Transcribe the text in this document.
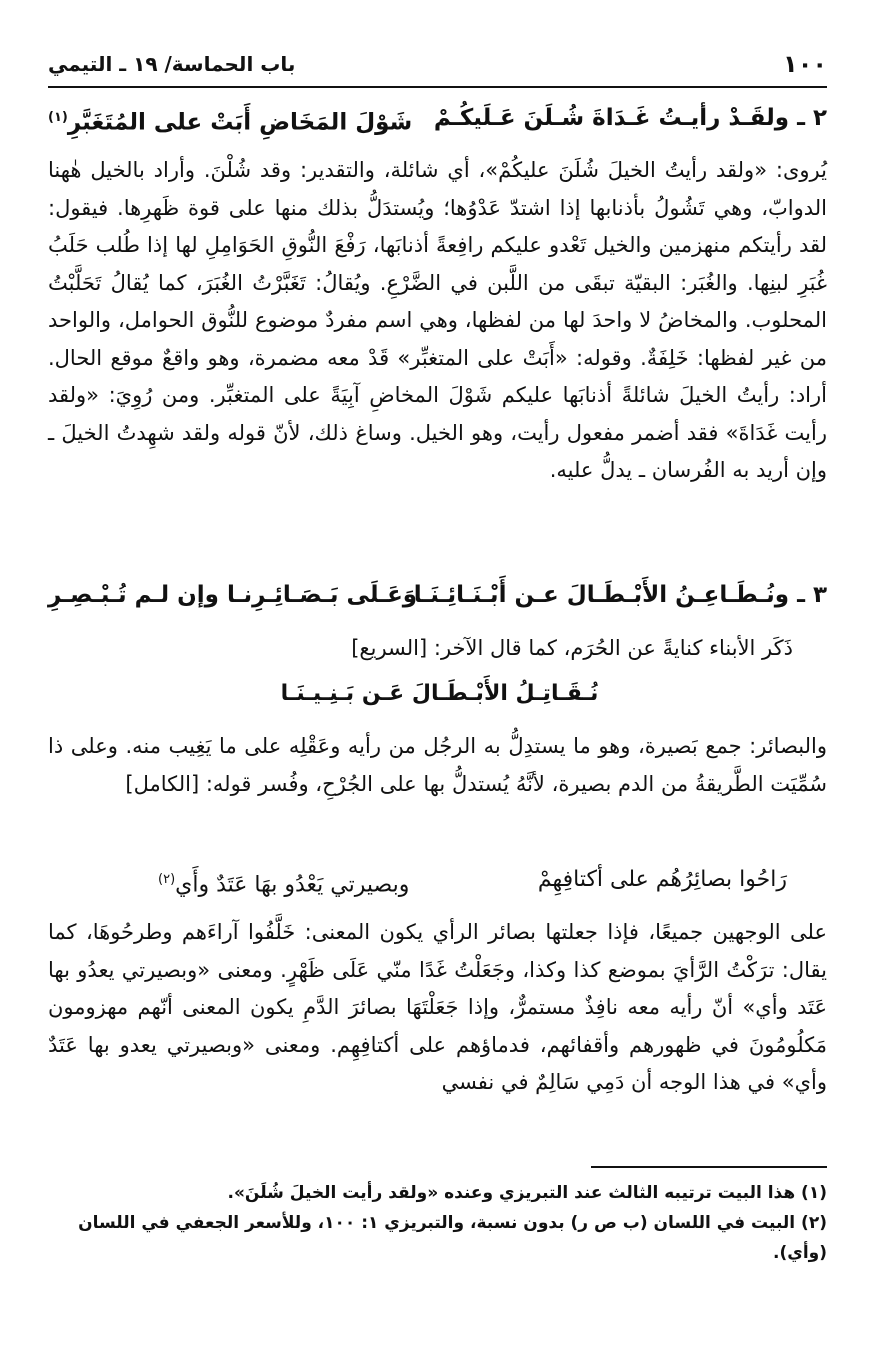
١٠٠
باب الحماسة/ ١٩ ـ التيمي
٢ ـ ولقَـدْ رأيـتُ غَـدَاةَ شُـلَنَ عَـلَيكُـمْ
شَوْلَ المَخَاضِ أَبَتْ على المُتَغَبَّرِ$^{(١)}$
يُروى: «ولقد رأيتُ الخيلَ شُلَنَ عليكُمْ»، أي شائلة، والتقدير: وقد شُلْنَ. وأراد بالخيل هٰهنا الدوابّ، وهي تَشُولُ بأذنابها إذا اشتدّ عَدْوُها؛ ويُستدَلُّ بذلك منها على قوة ظَهرِها. فيقول: لقد رأيتكم منهزمين والخيل تَعْدو عليكم رافِعةً أذنابَها، رَفْعَ النُّوقِ الحَوَامِلِ لها إذا طُلب حَلَبُ غُبَرِ لبنِها. والغُبَر: البقيّة تبقَى من اللَّبن في الضَّرْعِ. ويُقالُ: تَغَبَّرْتُ الغُبَرَ، كما يُقالُ تَحَلَّبْتُ المحلوب. والمخاضُ لا واحدَ لها من لفظها، وهي اسم مفردٌ موضوع للنُّوق الحوامل، والواحد من غير لفظها: خَلِفَةٌ. وقوله: «أَبَتْ على المتغبِّر» قَدْ معه مضمرة، وهو واقعٌ موقع الحال. أراد: رأيتُ الخيلَ شائلةً أذنابَها عليكم شَوْلَ المخاضِ آبِيَةً على المتغبِّر. ومن رُوِيَ: «ولقد رأيت غَدَاةَ» فقد أضمر مفعول رأيت، وهو الخيل. وساغ ذلك، لأنّ قوله ولقد شهِدتُ الخيلَ ـ وإن أريد به الفُرسان ـ يدلُّ عليه.
٣ ـ ونُـطَـاعِـنُ الأَبْـطَـالَ عـن أَبْـنَـائِـنَـا
وَعَـلَى بَـصَـائِـرِنـا وإن لـم تُـبْـصِـرِ
ذَكَر الأبناء كنايةً عن الحُرَم، كما قال الآخر: [السريع]
نُـقَـاتِـلُ الأَبْـطَـالَ عَـن بَـنِـيـنَـا
والبصائر: جمع بَصيرة، وهو ما يستدِلُّ به الرجُل من رأيه وعَقْلِه على ما يَغِيب منه. وعلى ذا سُمِّيَت الطَّريقةُ من الدم بصيرة، لأنَّهُ يُستدلُّ بها على الجُرْحِ، وفُسر قوله: [الكامل]
رَاحُوا بصائِرُهُم على أكتافِهِمْ
وبصيرتي يَعْدُو بهَا عَتَدٌ وأَي$^{(٢)}$
على الوجهين جميعًا، فإذا جعلتها بصائر الرأي يكون المعنى: خَلَّفُوا آراءَهم وطرحُوهَا، كما يقال: ترَكْتُ الرَّأيَ بموضع كذا وكذا، وجَعَلْتُ غَدًا منّي عَلَى ظَهْرٍ. ومعنى «وبصيرتي يعدُو بها عَتَد وأي» أنّ رأيه معه نافِذٌ مستمرٌّ، وإذا جَعَلْتَهَا بصائرَ الدَّمِ يكون المعنى أنّهم مهزومون مَكلُومُونَ في ظهورهم وأقفائهم، فدماؤهم على أكتافِهِم. ومعنى «وبصيرتي يعدو بها عَتَدٌ وأي» في هذا الوجه أن دَمِي سَالِمٌ في نفسي
(١) هذا البيت ترتيبه الثالث عند التبريزي وعنده «ولقد رأيت الخيلَ شُلَنَ».
(٢) البيت في اللسان (ب ص ر) بدون نسبة، والتبريزي ١: ١٠٠، وللأسعر الجعفي في اللسان (وأي).
